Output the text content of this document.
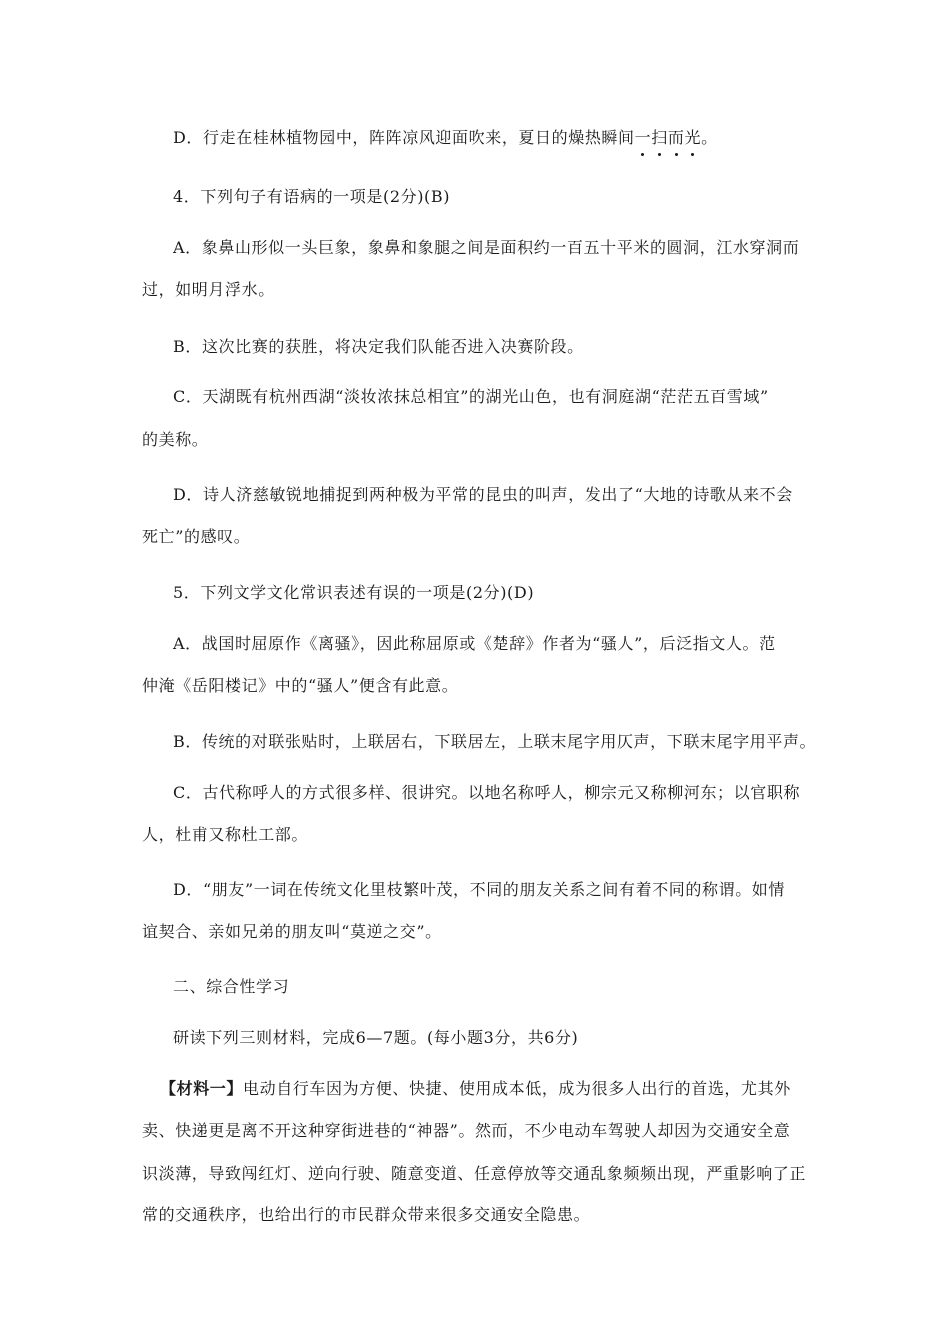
D．行走在桂林植物园中，阵阵凉风迎面吹来，夏日的燥热瞬间一扫而光。
4．下列句子有语病的一项是(2分)(B)
A．象鼻山形似一头巨象，象鼻和象腿之间是面积约一百五十平米的圆洞，江水穿洞而
过，如明月浮水。
B．这次比赛的获胜，将决定我们队能否进入决赛阶段。
C．天湖既有杭州西湖“淡妆浓抹总相宜”的湖光山色，也有洞庭湖“茫茫五百雪域”
的美称。
D．诗人济慈敏锐地捕捉到两种极为平常的昆虫的叫声，发出了“大地的诗歌从来不会
死亡”的感叹。
5．下列文学文化常识表述有误的一项是(2分)(D)
A．战国时屈原作《离骚》，因此称屈原或《楚辞》作者为“骚人”，后泛指文人。范
仲淹《岳阳楼记》中的“骚人”便含有此意。
B．传统的对联张贴时，上联居右，下联居左，上联末尾字用仄声，下联末尾字用平声。
C．古代称呼人的方式很多样、很讲究。以地名称呼人，柳宗元又称柳河东；以官职称
人，杜甫又称杜工部。
D．“朋友”一词在传统文化里枝繁叶茂，不同的朋友关系之间有着不同的称谓。如情
谊契合、亲如兄弟的朋友叫“莫逆之交”。
二、综合性学习
研读下列三则材料，完成6—7题。(每小题3分，共6分)
【材料一】电动自行车因为方便、快捷、使用成本低，成为很多人出行的首选，尤其外
卖、快递更是离不开这种穿街进巷的“神器”。然而，不少电动车驾驶人却因为交通安全意
识淡薄，导致闯红灯、逆向行驶、随意变道、任意停放等交通乱象频频出现，严重影响了正
常的交通秩序，也给出行的市民群众带来很多交通安全隐患。
